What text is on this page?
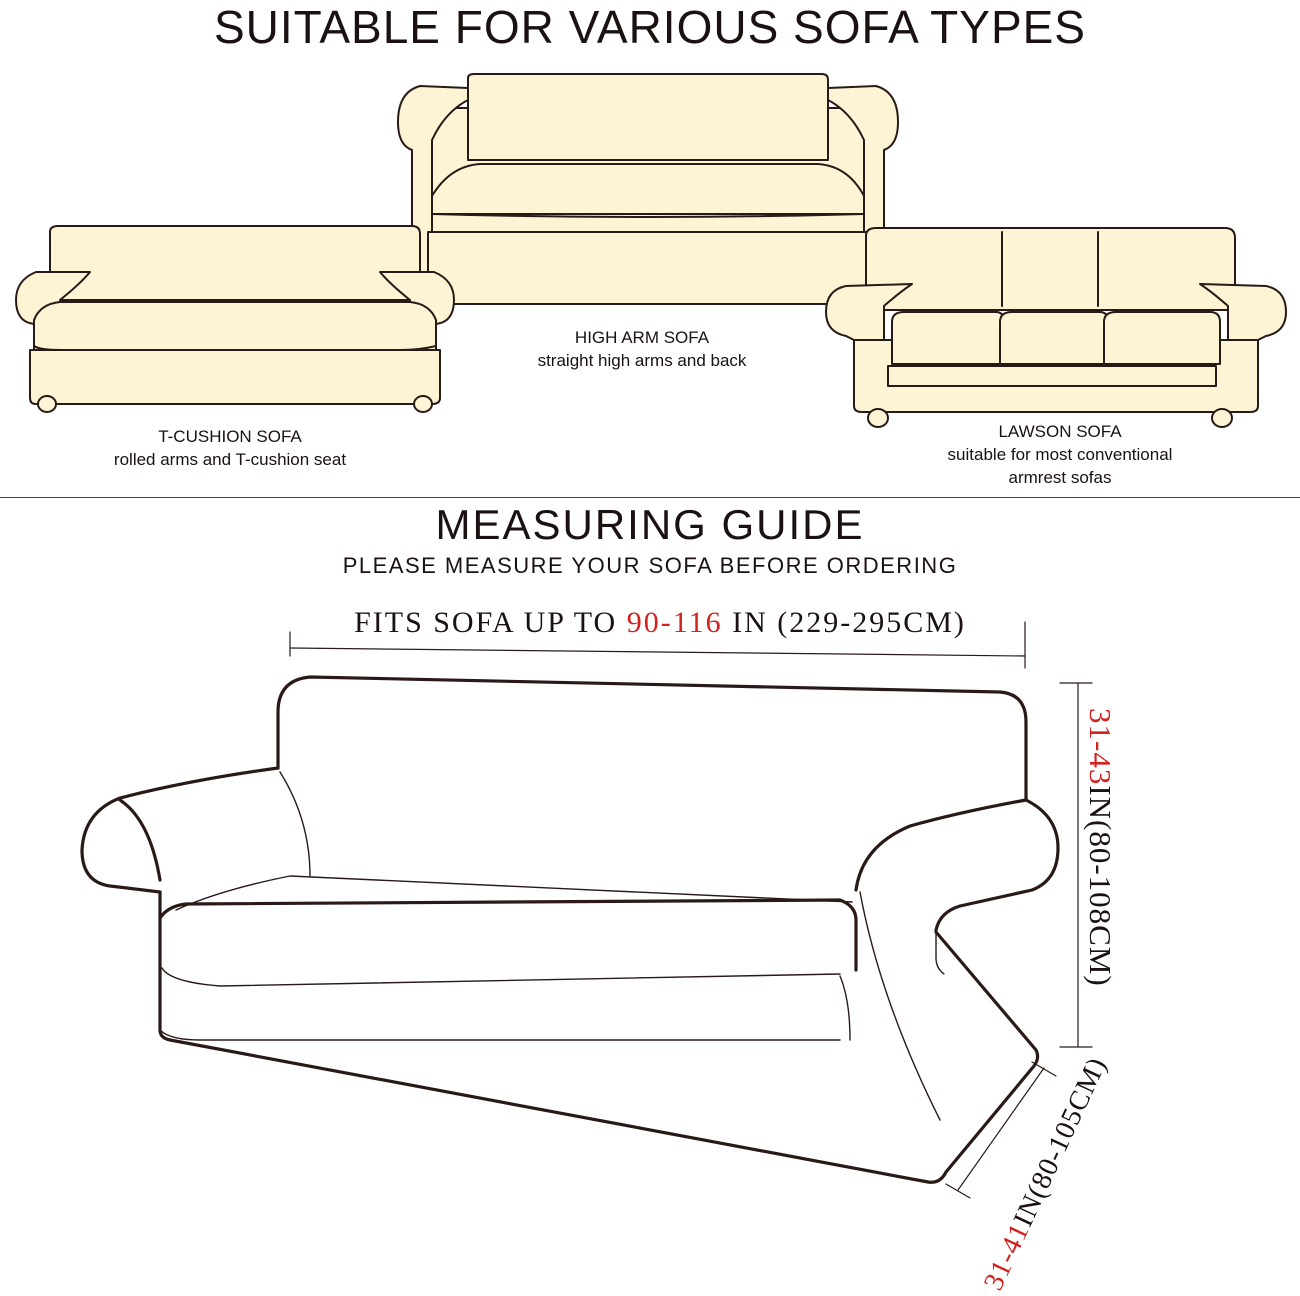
SUITABLE FOR VARIOUS SOFA TYPES
T-CUSHION SOFA
rolled arms and T-cushion seat
HIGH ARM SOFA
straight high arms and back
LAWSON SOFA
suitable for most conventional
armrest sofas
MEASURING GUIDE
PLEASE MEASURE YOUR SOFA BEFORE ORDERING
FITS SOFA UP TO 90-116 IN (229-295CM)
31-43IN(80-108CM)
31-41IN(80-105CM)
